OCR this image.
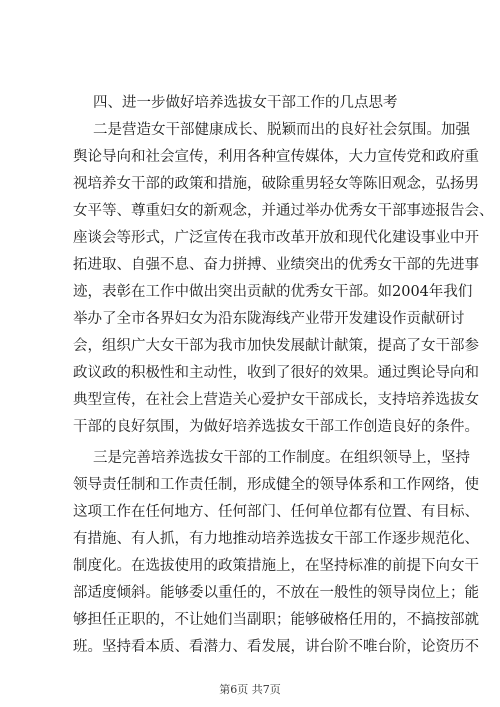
四、进一步做好培养选拔女干部工作的几点思考
二是营造女干部健康成长、脱颖而出的良好社会氛围。加强
舆论导向和社会宣传，利用各种宣传媒体，大力宣传党和政府重
视培养女干部的政策和措施，破除重男轻女等陈旧观念，弘扬男
女平等、尊重妇女的新观念，并通过举办优秀女干部事迹报告会、
座谈会等形式，广泛宣传在我市改革开放和现代化建设事业中开
拓进取、自强不息、奋力拼搏、业绩突出的优秀女干部的先进事
迹，表彰在工作中做出突出贡献的优秀女干部。如2004年我们
举办了全市各界妇女为沿东陇海线产业带开发建设作贡献研讨
会，组织广大女干部为我市加快发展献计献策，提高了女干部参
政议政的积极性和主动性，收到了很好的效果。通过舆论导向和
典型宣传，在社会上营造关心爱护女干部成长，支持培养选拔女
干部的良好氛围，为做好培养选拔女干部工作创造良好的条件。
三是完善培养选拔女干部的工作制度。在组织领导上，坚持
领导责任制和工作责任制，形成健全的领导体系和工作网络，使
这项工作在任何地方、任何部门、任何单位都有位置、有目标、
有措施、有人抓，有力地推动培养选拔女干部工作逐步规范化、
制度化。在选拔使用的政策措施上，在坚持标准的前提下向女干
部适度倾斜。能够委以重任的，不放在一般性的领导岗位上；能
够担任正职的，不让她们当副职；能够破格任用的，不搞按部就
班。坚持看本质、看潜力、看发展，讲台阶不唯台阶，论资历不
第6页 共7页
